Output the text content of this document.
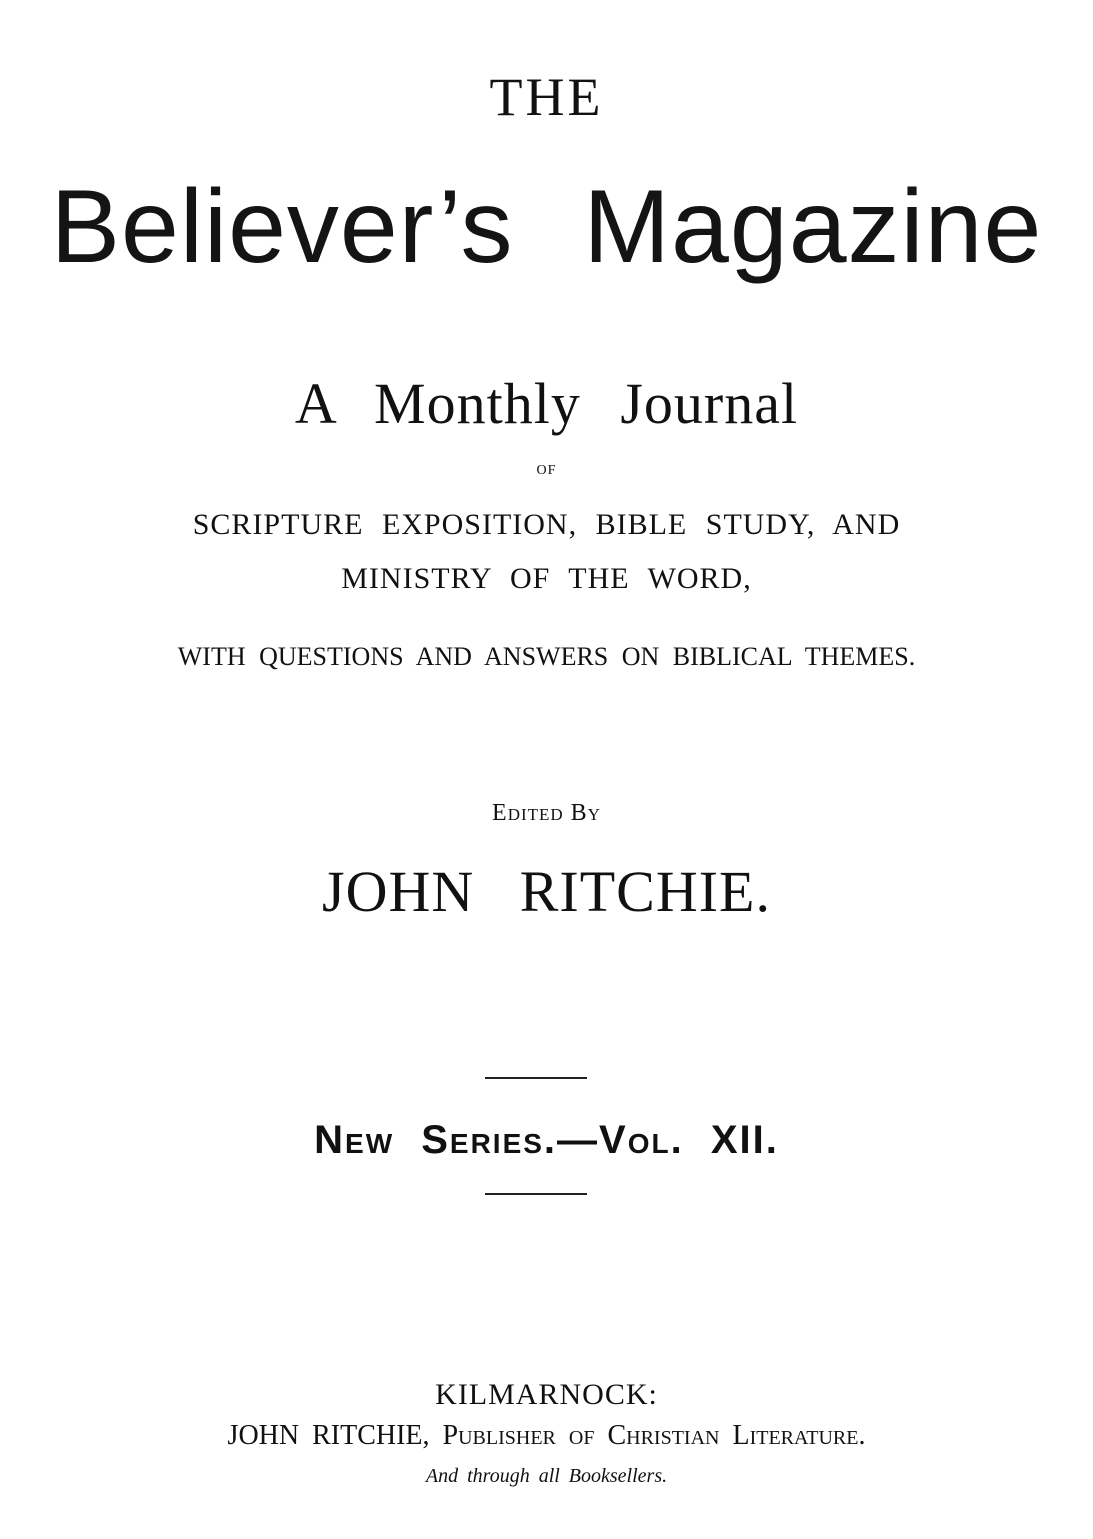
THE
Believer’s Magazine
A Monthly Journal
OF
SCRIPTURE EXPOSITION, BIBLE STUDY, AND
MINISTRY OF THE WORD,
WITH QUESTIONS AND ANSWERS ON BIBLICAL THEMES.
Edited By
JOHN RITCHIE.
New Series.—Vol. XII.
KILMARNOCK:
JOHN RITCHIE, Publisher of Christian Literature.
And through all Booksellers.
